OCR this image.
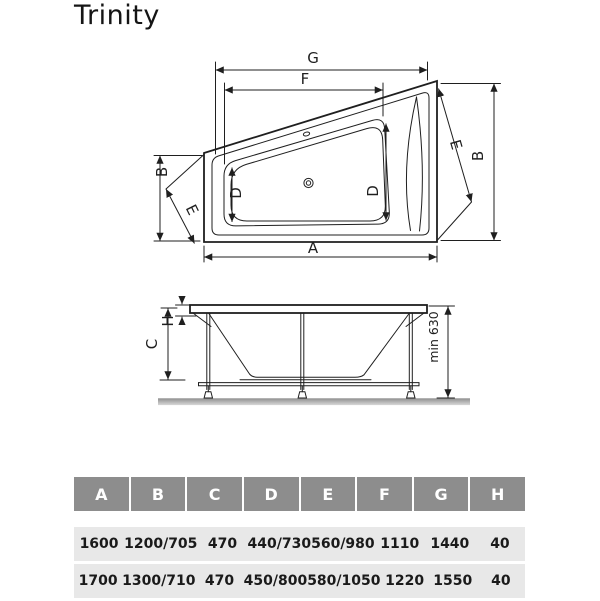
Trinity
G
F
A
B
E
B
E
D	D
H
C	min 630
A	B	C	D	E	F	G	H
1600 1200/705 470 440/730 560/980 1110 1440	40
1700 1300/710 470 450/800 580/1050 1220 1550	40
